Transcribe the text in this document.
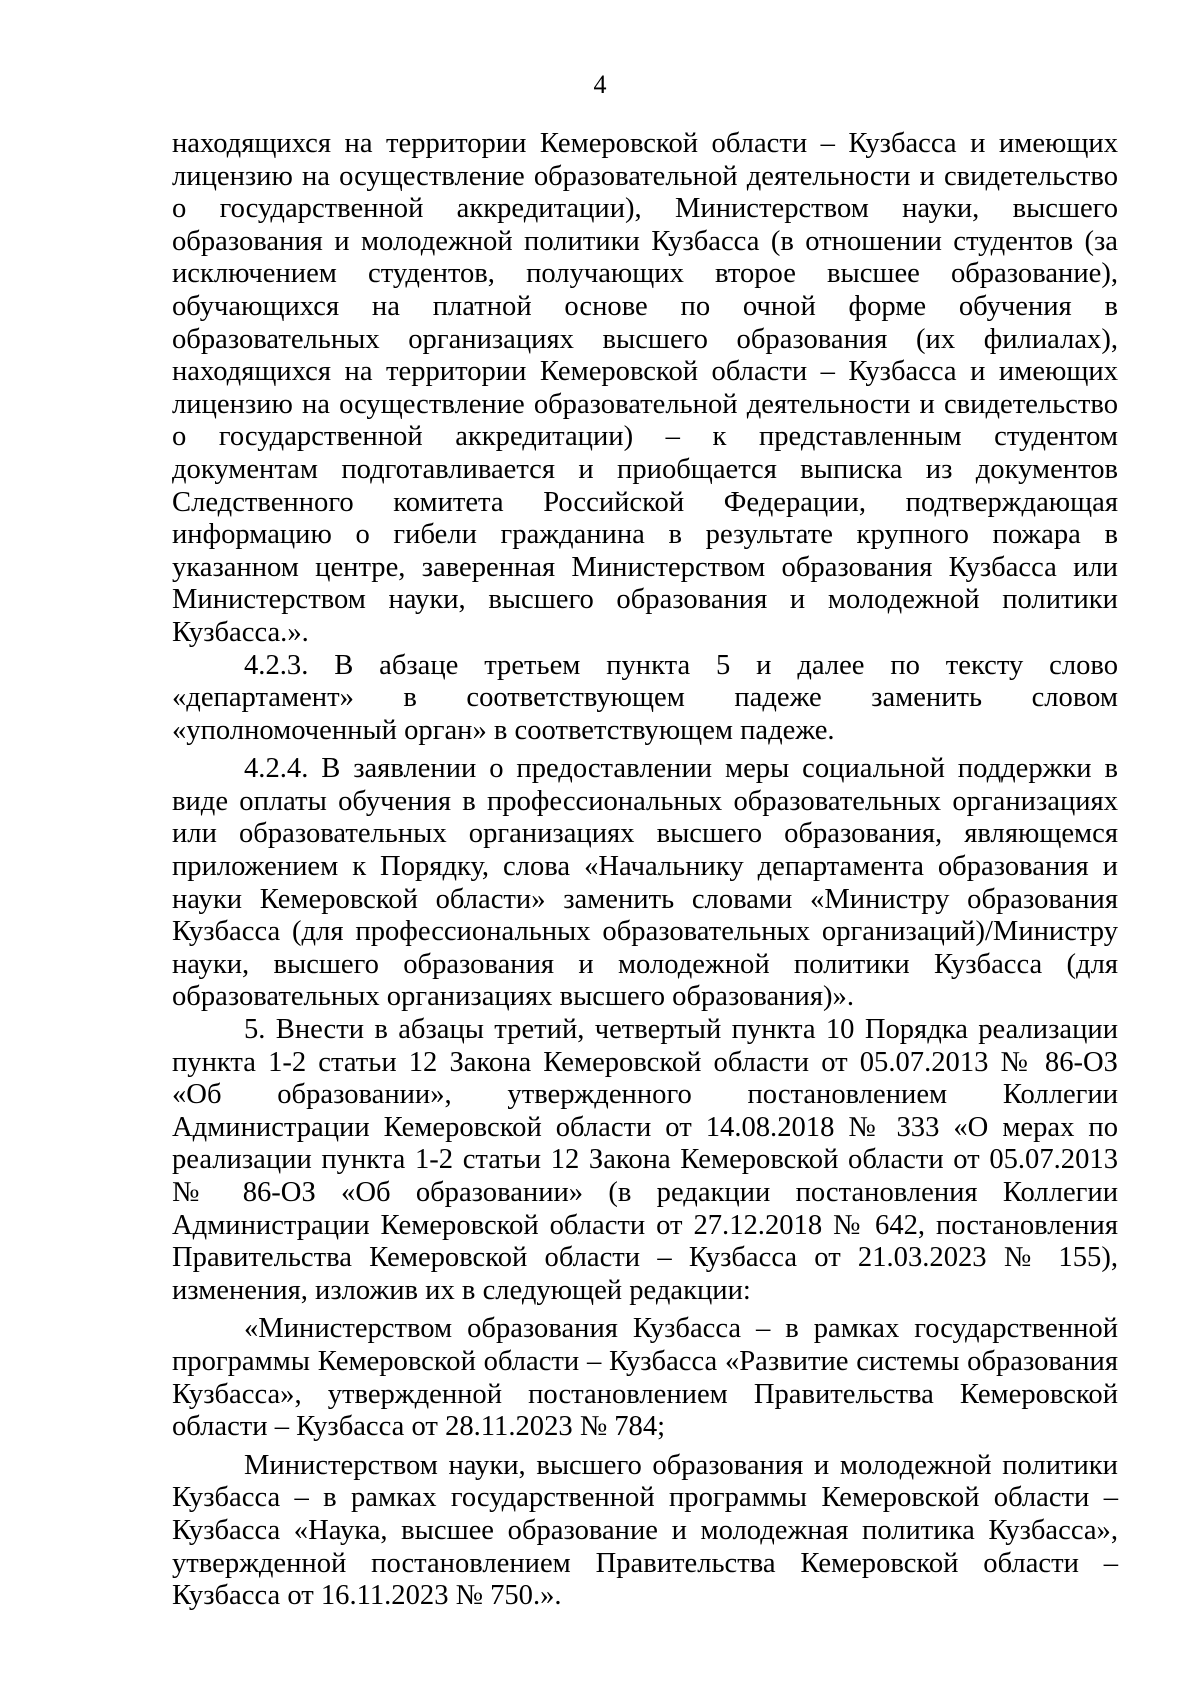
4

находящихся на территории Кемеровской области – Кузбасса и имеющих лицензию на осуществление образовательной деятельности и свидетельство о государственной аккредитации), Министерством науки, высшего образования и молодежной политики Кузбасса (в отношении студентов (за исключением студентов, получающих второе высшее образование), обучающихся на платной основе по очной форме обучения в образовательных организациях высшего образования (их филиалах), находящихся на территории Кемеровской области – Кузбасса и имеющих лицензию на осуществление образовательной деятельности и свидетельство о государственной аккредитации) – к представленным студентом документам подготавливается и приобщается выписка из документов Следственного комитета Российской Федерации, подтверждающая информацию о гибели гражданина в результате крупного пожара в указанном центре, заверенная Министерством образования Кузбасса или Министерством науки, высшего образования и молодежной политики Кузбасса.».

4.2.3. В абзаце третьем пункта 5 и далее по тексту слово «департамент» в соответствующем падеже заменить словом «уполномоченный орган» в соответствующем падеже.

4.2.4. В заявлении о предоставлении меры социальной поддержки в виде оплаты обучения в профессиональных образовательных организациях или образовательных организациях высшего образования, являющемся приложением к Порядку, слова «Начальнику департамента образования и науки Кемеровской области» заменить словами «Министру образования Кузбасса (для профессиональных образовательных организаций)/Министру науки, высшего образования и молодежной политики Кузбасса (для образовательных организациях высшего образования)».

5. Внести в абзацы третий, четвертый пункта 10 Порядка реализации пункта 1-2 статьи 12 Закона Кемеровской области от 05.07.2013 № 86-ОЗ «Об образовании», утвержденного постановлением Коллегии Администрации Кемеровской области от 14.08.2018 № 333 «О мерах по реализации пункта 1-2 статьи 12 Закона Кемеровской области от 05.07.2013 № 86-ОЗ «Об образовании» (в редакции постановления Коллегии Администрации Кемеровской области от 27.12.2018 № 642, постановления Правительства Кемеровской области – Кузбасса от 21.03.2023 № 155), изменения, изложив их в следующей редакции:

«Министерством образования Кузбасса – в рамках государственной программы Кемеровской области – Кузбасса «Развитие системы образования Кузбасса», утвержденной постановлением Правительства Кемеровской области – Кузбасса от 28.11.2023 № 784;

Министерством науки, высшего образования и молодежной политики Кузбасса – в рамках государственной программы Кемеровской области – Кузбасса «Наука, высшее образование и молодежная политика Кузбасса», утвержденной постановлением Правительства Кемеровской области – Кузбасса от 16.11.2023 № 750.».
